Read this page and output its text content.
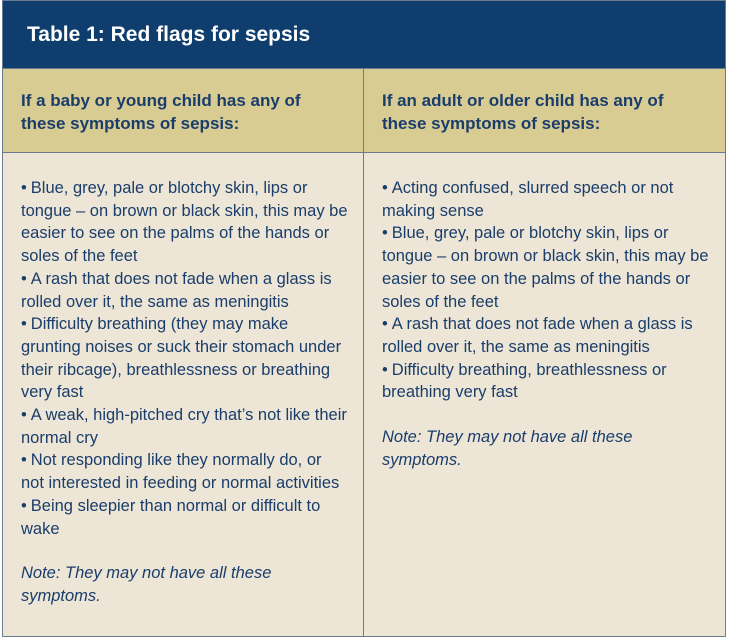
Table 1: Red flags for sepsis
If a baby or young child has any of these symptoms of sepsis:
If an adult or older child has any of these symptoms of sepsis:
• Blue, grey, pale or blotchy skin, lips or tongue – on brown or black skin, this may be easier to see on the palms of the hands or soles of the feet
• A rash that does not fade when a glass is rolled over it, the same as meningitis
• Difficulty breathing (they may make grunting noises or suck their stomach under their ribcage), breathlessness or breathing very fast
• A weak, high-pitched cry that’s not like their normal cry
• Not responding like they normally do, or not interested in feeding or normal activities
• Being sleepier than normal or difficult to wake
Note: They may not have all these symptoms.
• Acting confused, slurred speech or not making sense
• Blue, grey, pale or blotchy skin, lips or tongue – on brown or black skin, this may be easier to see on the palms of the hands or soles of the feet
• A rash that does not fade when a glass is rolled over it, the same as meningitis
• Difficulty breathing, breathlessness or breathing very fast
Note: They may not have all these symptoms.
